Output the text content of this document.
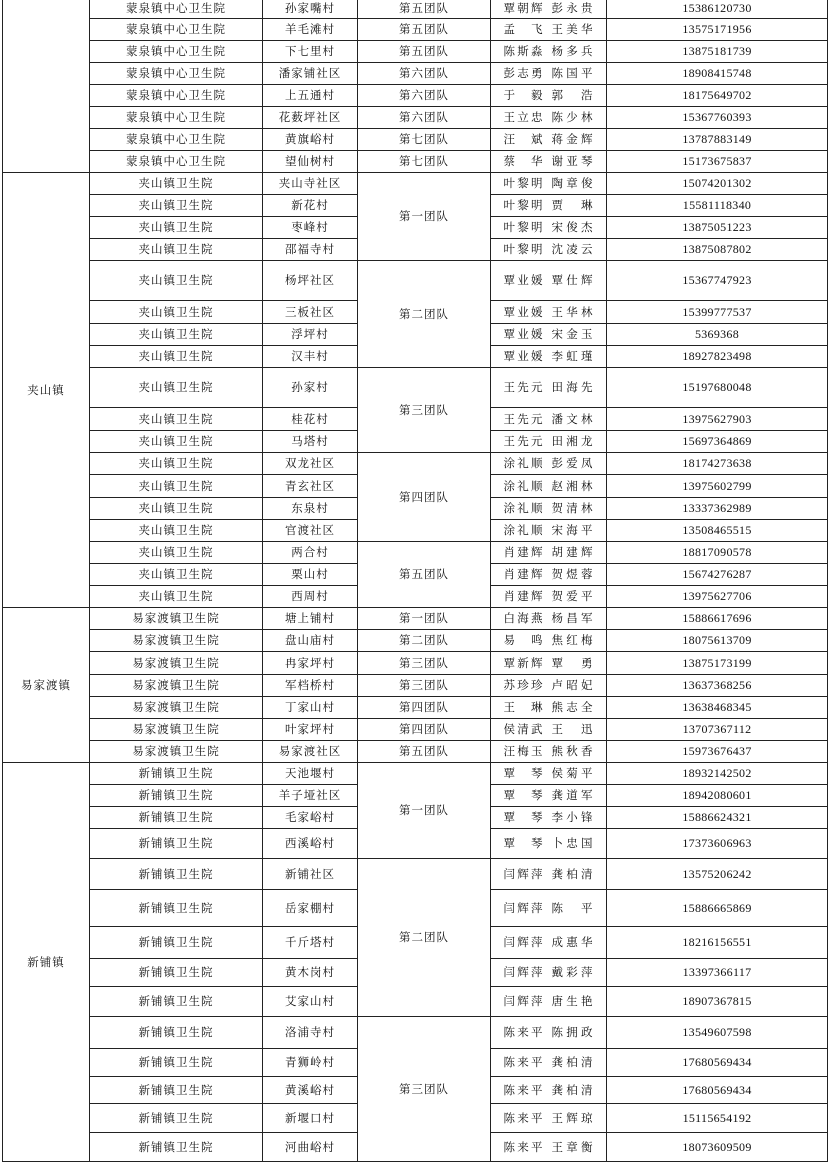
	蒙泉镇中心卫生院	孙家嘴村	第五团队	覃朝辉 彭永贵	15386120730
	蒙泉镇中心卫生院	羊毛滩村	第五团队	孟　飞 王美华	13575171956
	蒙泉镇中心卫生院	下七里村	第五团队	陈斯淼 杨多兵	13875181739
	蒙泉镇中心卫生院	潘家铺社区	第六团队	彭志勇 陈国平	18908415748
	蒙泉镇中心卫生院	上五通村	第六团队	于　毅 郭　浩	18175649702
	蒙泉镇中心卫生院	花薮坪社区	第六团队	王立忠 陈少林	15367760393
	蒙泉镇中心卫生院	黄旗峪村	第七团队	汪　斌 蒋金辉	13787883149
	蒙泉镇中心卫生院	望仙树村	第七团队	蔡　华 谢亚琴	15173675837
夹山镇	夹山镇卫生院	夹山寺社区	第一团队	叶黎明 陶章俊	15074201302
	夹山镇卫生院	新花村		叶黎明 贾　琳	15581118340
	夹山镇卫生院	枣峰村		叶黎明 宋俊杰	13875051223
	夹山镇卫生院	邵福寺村		叶黎明 沈凌云	13875087802
	夹山镇卫生院	杨坪社区	第二团队	覃业媛 覃仕辉	15367747923
	夹山镇卫生院	三板社区		覃业媛 王华林	15399777537
	夹山镇卫生院	浮坪村		覃业媛 宋金玉	5369368
	夹山镇卫生院	汉丰村		覃业媛 李虹瑾	18927823498
	夹山镇卫生院	孙家村	第三团队	王先元 田海先	15197680048
	夹山镇卫生院	桂花村		王先元 潘文林	13975627903
	夹山镇卫生院	马塔村		王先元 田湘龙	15697364869
	夹山镇卫生院	双龙社区	第四团队	涂礼顺 彭爱凤	18174273638
	夹山镇卫生院	青玄社区		涂礼顺 赵湘林	13975602799
	夹山镇卫生院	东泉村		涂礼顺 贺清林	13337362989
	夹山镇卫生院	官渡社区		涂礼顺 宋海平	13508465515
	夹山镇卫生院	两合村	第五团队	肖建辉 胡建辉	18817090578
	夹山镇卫生院	栗山村		肖建辉 贺煜蓉	15674276287
	夹山镇卫生院	西周村		肖建辉 贺爱平	13975627706
易家渡镇	易家渡镇卫生院	塘上铺村	第一团队	白海燕 杨昌军	15886617696
	易家渡镇卫生院	盘山庙村	第二团队	易　鸣 焦红梅	18075613709
	易家渡镇卫生院	冉家坪村	第三团队	覃新辉 覃　勇	13875173199
	易家渡镇卫生院	军档桥村	第三团队	苏珍珍 卢昭妃	13637368256
	易家渡镇卫生院	丁家山村	第四团队	王　琳 熊志全	13638468345
	易家渡镇卫生院	叶家坪村	第四团队	侯清武 王　迅	13707367112
	易家渡镇卫生院	易家渡社区	第五团队	汪梅玉 熊秋香	15973676437
新铺镇	新铺镇卫生院	天池堰村	第一团队	覃　琴 侯菊平	18932142502
	新铺镇卫生院	羊子垭社区		覃　琴 龚道军	18942080601
	新铺镇卫生院	毛家峪村		覃　琴 李小锋	15886624321
	新铺镇卫生院	西溪峪村		覃　琴 卜忠国	17373606963
	新铺镇卫生院	新铺社区	第二团队	闫辉萍 龚柏清	13575206242
	新铺镇卫生院	岳家棚村		闫辉萍 陈　平	15886665869
	新铺镇卫生院	千斤塔村		闫辉萍 成惠华	18216156551
	新铺镇卫生院	黄木岗村		闫辉萍 戴彩萍	13397366117
	新铺镇卫生院	艾家山村		闫辉萍 唐生艳	18907367815
	新铺镇卫生院	洛浦寺村	第三团队	陈来平 陈拥政	13549607598
	新铺镇卫生院	青狮岭村		陈来平 龚柏清	17680569434
	新铺镇卫生院	黄溪峪村		陈来平 龚柏清	17680569434
	新铺镇卫生院	新堰口村		陈来平 王辉琼	15115654192
	新铺镇卫生院	河曲峪村		陈来平 王章衡	18073609509
